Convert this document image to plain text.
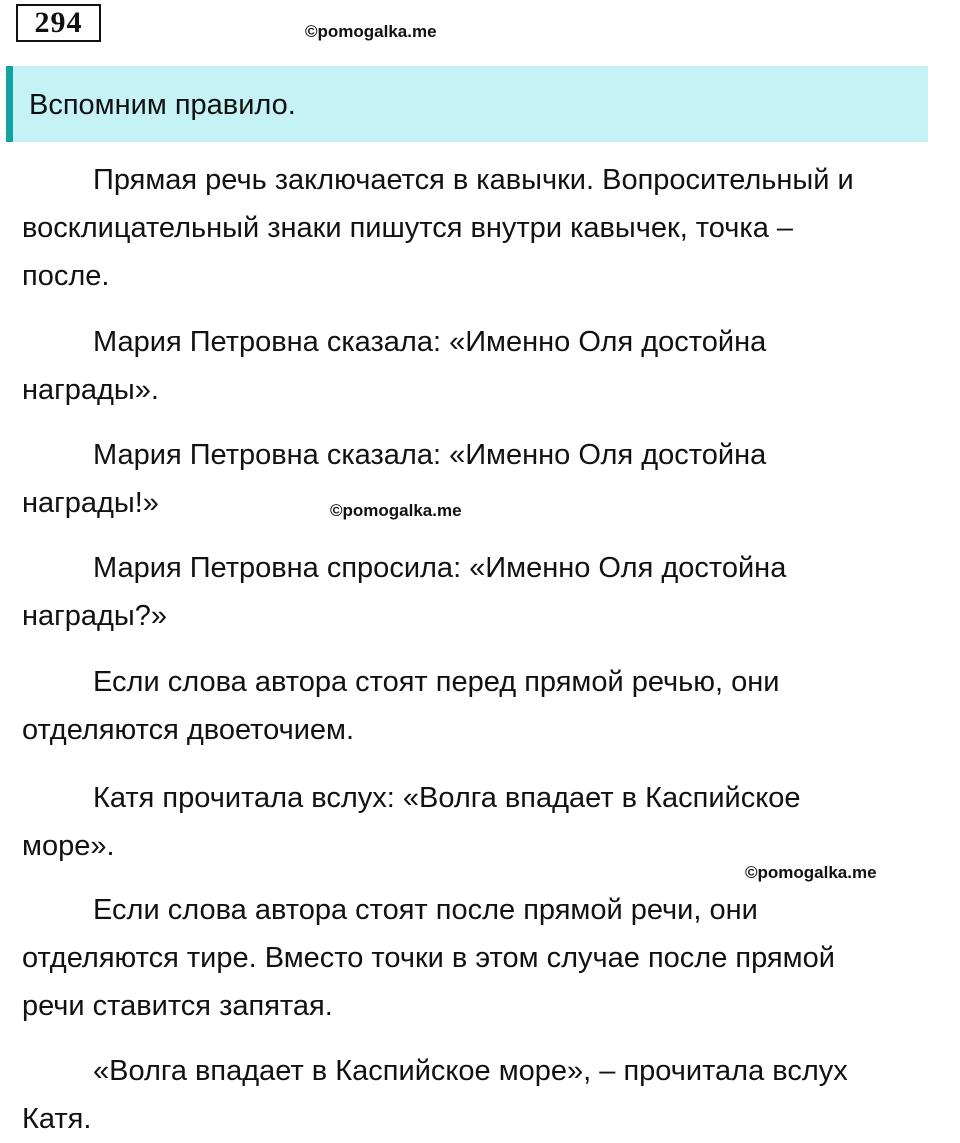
294	©pomogalka.me
Вспомним правило.

Прямая речь заключается в кавычки. Вопросительный и
восклицательный знаки пишутся внутри кавычек, точка –
после.

Мария Петровна сказала: «Именно Оля достойна
награды».

Мария Петровна сказала: «Именно Оля достойна
награды!»	©pomogalka.me

Мария Петровна спросила: «Именно Оля достойна
награды?»

Если слова автора стоят перед прямой речью, они
отделяются двоеточием.

Катя прочитала вслух: «Волга впадает в Каспийское
море».

©pomogalka.me

Если слова автора стоят после прямой речи, они
отделяются тире. Вместо точки в этом случае после прямой
речи ставится запятая.

«Волга впадает в Каспийское море», – прочитала вслух
Катя.
